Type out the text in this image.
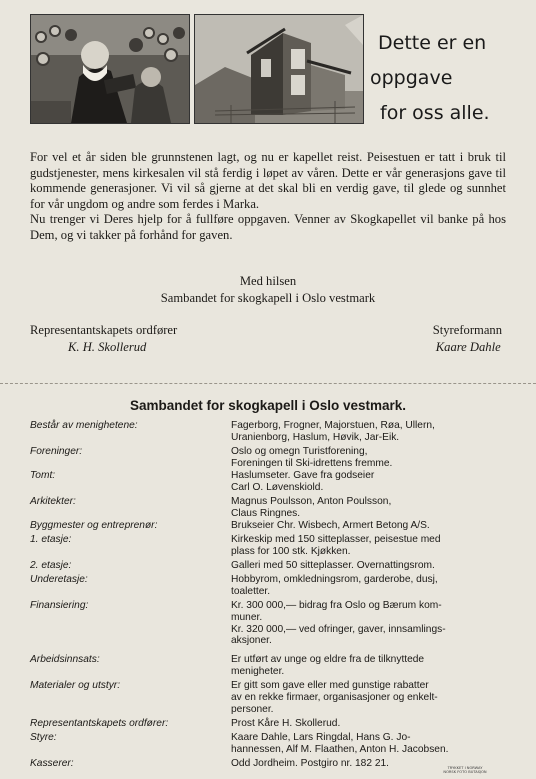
Dette er en
oppgave
for oss alle.

For vel et år siden ble grunnstenen lagt, og nu er kapellet reist. Peisestuen er tatt i bruk til gudstjenester, mens kirkesalen vil stå ferdig i løpet av våren. Dette er vår generasjons gave til kommende generasjoner. Vi vil så gjerne at det skal bli en verdig gave, til glede og sunnhet for vår ungdom og andre som ferdes i Marka.

Nu trenger vi Deres hjelp for å fullføre oppgaven. Venner av Skogkapellet vil banke på hos Dem, og vi takker på forhånd for gaven.

Med hilsen
Sambandet for skogkapell i Oslo vestmark
Representantskapets ordfører
K. H. Skollerud
Styreformann
Kaare Dahle
Sambandet for skogkapell i Oslo vestmark.
Består av menighetene:	Fagerborg, Frogner, Majorstuen, Røa, Ullern,
Uranienborg, Haslum, Høvik, Jar-Eik.
Foreninger:	Oslo og omegn Turistforening,
Foreningen til Ski-idrettens fremme.
Tomt:	Haslumseter. Gave fra godseier
Carl O. Løvenskiold.
Arkitekter:	Magnus Poulsson, Anton Poulsson,
Claus Ringnes.
Byggmester og entreprenør:	Brukseier Chr. Wisbech, Armert Betong A/S.
1. etasje:	Kirkeskip med 150 sitteplasser, peisestue med
plass for 100 stk. Kjøkken.
2. etasje:	Galleri med 50 sitteplasser. Overnattingsrom.
Underetasje:	Hobbyrom, omkledningsrom, garderobe, dusj,
toaletter.
Finansiering:	Kr. 300 000,— bidrag fra Oslo og Bærum kom-
muner.
Kr. 320 000,— ved ofringer, gaver, innsamlings-
aksjoner.
Arbeidsinnsats:	Er utført av unge og eldre fra de tilknyttede
menigheter.
Materialer og utstyr:	Er gitt som gave eller med gunstige rabatter
av en rekke firmaer, organisasjoner og enkelt-
personer.
Representantskapets ordfører:	Prost Kåre H. Skollerud.
Styre:	Kaare Dahle, Lars Ringdal, Hans G. Jo-
hannessen, Alf M. Flaathen, Anton H. Jacobsen.
Kasserer:	Odd Jordheim. Postgiro nr. 182 21.	TRYKKET I NORWAY
NORSK FOTO BUTASJON
